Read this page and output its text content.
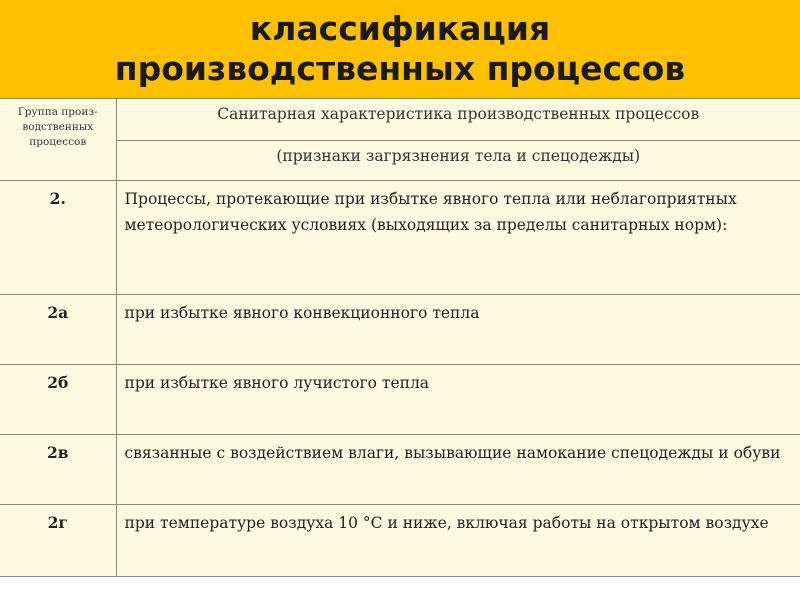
классификация
производственных процессов
Группа произ-водственных процессов	Санитарная характеристика производственных процессов
	(признаки загрязнения тела и спецодежды)
2.	Процессы, протекающие при избытке явного тепла или неблагоприятных метеорологических условиях (выходящих за пределы санитарных норм):
2а	при избытке явного конвекционного тепла
2б	при избытке явного лучистого тепла
2в	связанные с воздействием влаги, вызывающие намокание спецодежды и обуви
2г	при температуре воздуха 10 °С и ниже, включая работы на открытом воздухе
